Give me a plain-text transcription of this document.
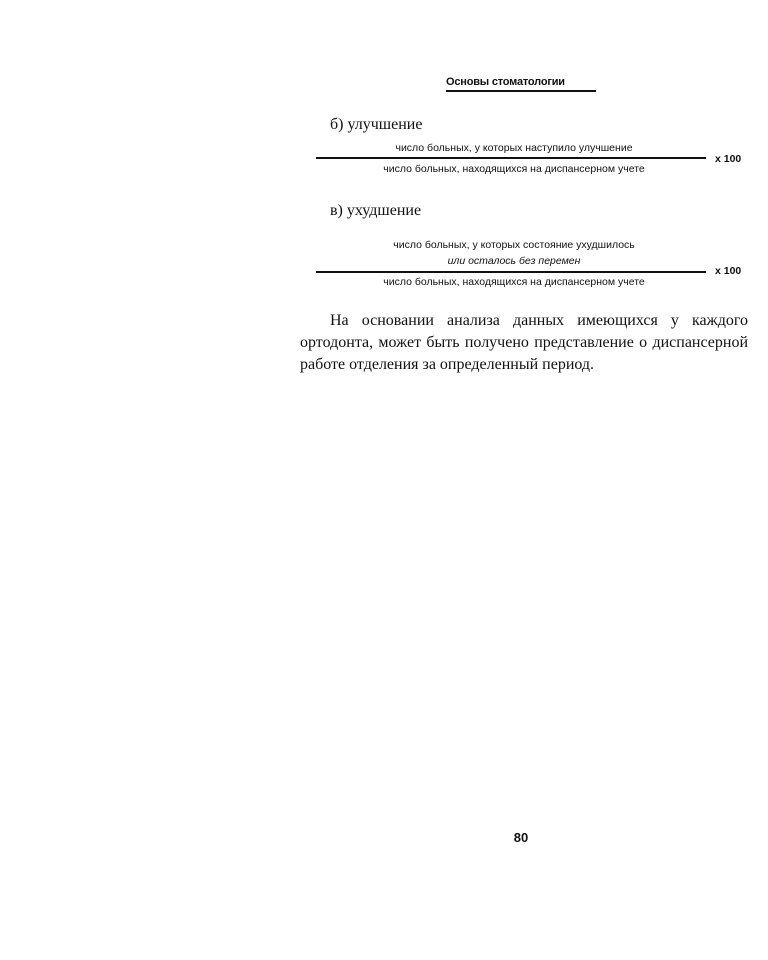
Основы стоматологии
б) улучшение
число больных, у которых наступило улучшение
x 100
число больных, находящихся на диспансерном учете
в) ухудшение
число больных, у которых состояние ухудшилось
или осталось без перемен
x 100
число больных, находящихся на диспансерном учете

На основании анализа данных имеющихся у каждого ортодонта, может быть получено представление о диспансерной работе отделения за определенный период.

80
